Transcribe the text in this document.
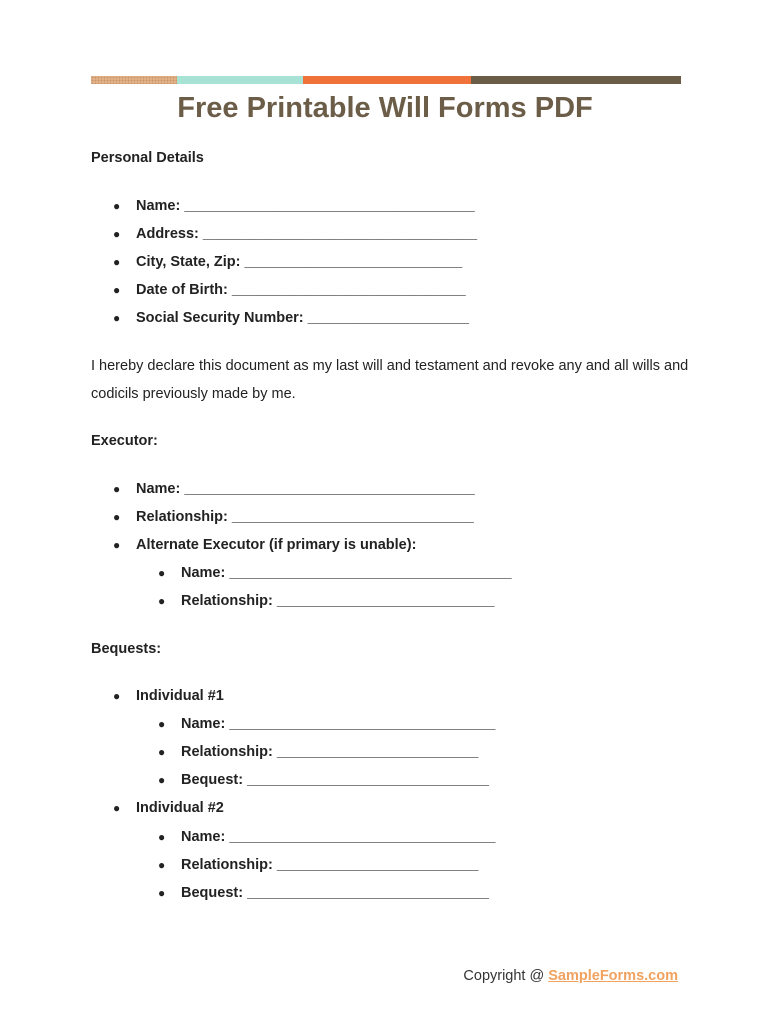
Free Printable Will Forms PDF
Personal Details
●	Name: ____________________________________
●	Address: __________________________________
●	City, State, Zip: ___________________________
●	Date of Birth: _____________________________
●	Social Security Number: ____________________

I hereby declare this document as my last will and testament and revoke any and all wills and codicils previously made by me.

Executor:
●	Name: ____________________________________
●	Relationship: ______________________________
●	Alternate Executor (if primary is unable):
●	Name: ___________________________________
●	Relationship: ___________________________
Bequests:
●	Individual #1
●	Name: _________________________________
●	Relationship: _________________________
●	Bequest: ______________________________
●	Individual #2
●	Name: _________________________________
●	Relationship: _________________________
●	Bequest: ______________________________
Copyright @ SampleForms.com
